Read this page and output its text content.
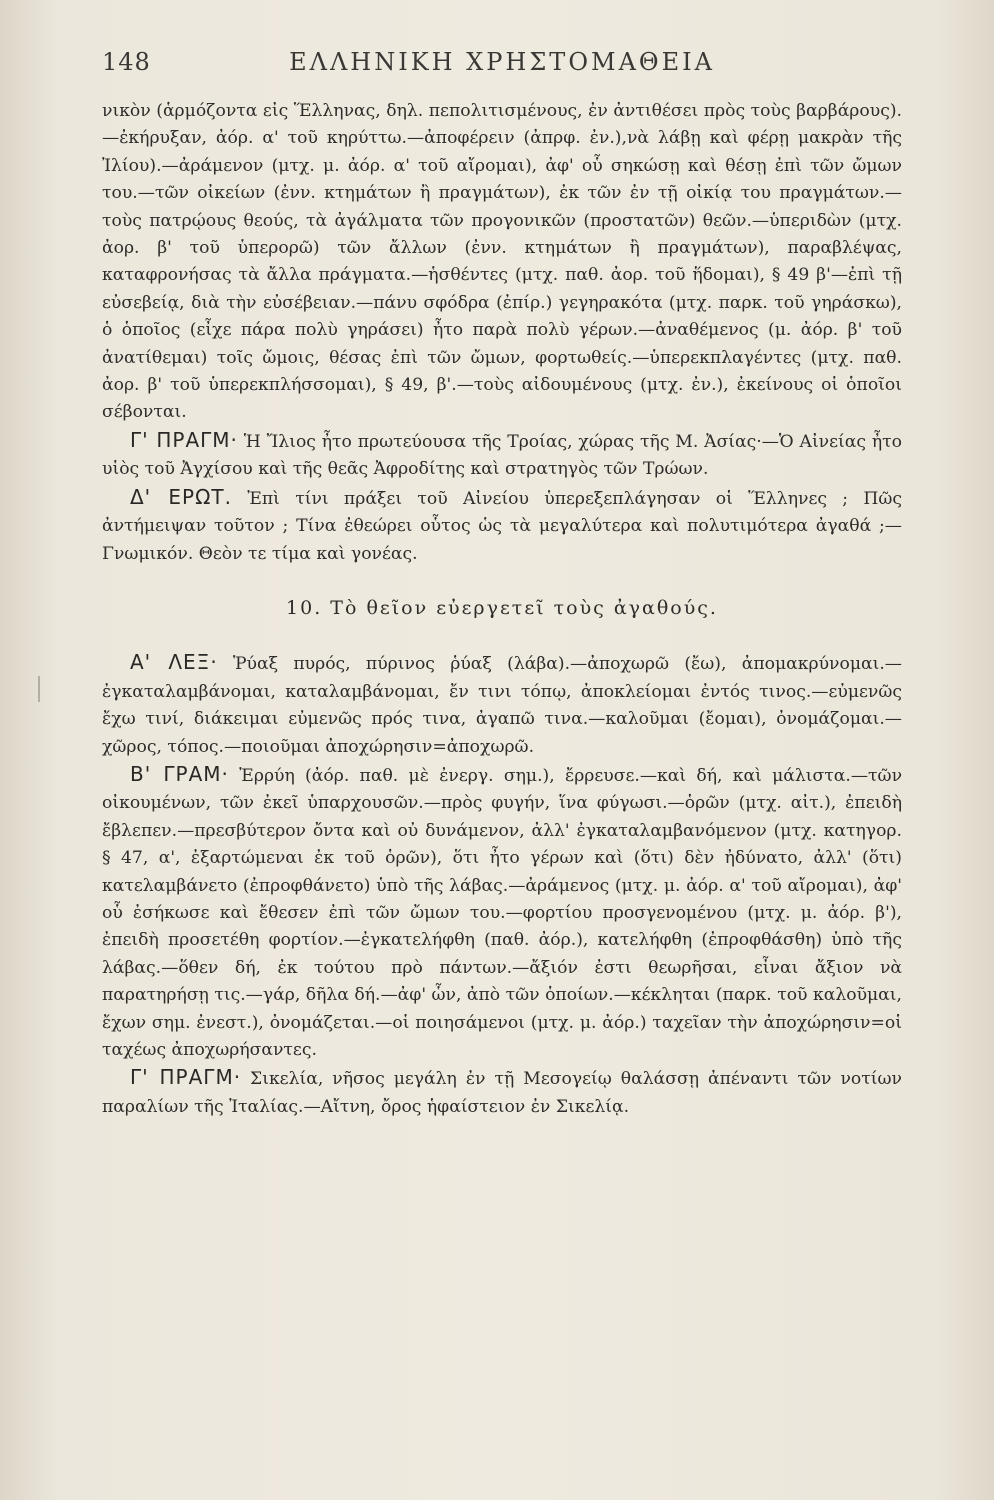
148	ΕΛΛΗΝΙΚΗ ΧΡΗΣΤΟΜΑΘΕΙΑ

νικὸν (ἁρμόζοντα εἰς Ἕλληνας, δηλ. πεπολιτισμένους, ἐν ἀντιθέσει πρὸς τοὺς βαρβάρους).—ἐκήρυξαν, ἀόρ. α' τοῦ κηρύττω.—ἀποφέρειν (ἀπρφ. ἐν.),νὰ λάβῃ καὶ φέρῃ μακρὰν τῆς Ἰλίου).—ἀράμενον (μτχ. μ. ἀόρ. α' τοῦ αἴρομαι), ἀφ' οὗ σηκώσῃ καὶ θέσῃ ἐπὶ τῶν ὤμων του.—τῶν οἰκείων (ἐνν. κτημάτων ἢ πραγμάτων), ἐκ τῶν ἐν τῇ οἰκίᾳ του πραγμάτων.—τοὺς πατρῴους θεούς, τὰ ἀγάλματα τῶν προγονικῶν (προστατῶν) θεῶν.—ὑπεριδὼν (μτχ. ἀορ. β' τοῦ ὑπερορῶ) τῶν ἄλλων (ἐνν. κτημάτων ἢ πραγμάτων), παραβλέψας, καταφρονήσας τὰ ἄλλα πράγματα.—ἡσθέντες (μτχ. παθ. ἀορ. τοῦ ἥδομαι), § 49 β'—ἐπὶ τῇ εὐσεβείᾳ, διὰ τὴν εὐσέβειαν.—πάνυ σφόδρα (ἐπίρ.) γεγηρακότα (μτχ. παρκ. τοῦ γηράσκω), ὁ ὁποῖος (εἶχε πάρα πολὺ γηράσει) ἦτο παρὰ πολὺ γέρων.—ἀναθέμενος (μ. ἀόρ. β' τοῦ ἀνατίθεμαι) τοῖς ὤμοις, θέσας ἐπὶ τῶν ὤμων, φορτωθείς.—ὑπερεκπλαγέντες (μτχ. παθ. ἀορ. β' τοῦ ὑπερεκπλήσσομαι), § 49, β'.—τοὺς αἰδουμένους (μτχ. ἐν.), ἐκείνους οἱ ὁποῖοι σέβονται.

Γ' ΠΡΑΓΜ· Ἡ Ἴλιος ἦτο πρωτεύουσα τῆς Τροίας, χώρας τῆς Μ. Ἀσίας·—Ὁ Αἰνείας ἦτο υἱὸς τοῦ Ἀγχίσου καὶ τῆς θεᾶς Ἀφροδίτης καὶ στρατηγὸς τῶν Τρώων.

Δ' ΕΡΩΤ. Ἐπὶ τίνι πράξει τοῦ Αἰνείου ὑπερεξεπλάγησαν οἱ Ἕλληνες ; Πῶς ἀντήμειψαν τοῦτον ; Τίνα ἐθεώρει οὗτος ὡς τὰ μεγαλύτερα καὶ πολυτιμότερα ἀγαθά ;—Γνωμικόν. Θεὸν τε τίμα καὶ γονέας.

10. Τὸ θεῖον εὐεργετεῖ τοὺς ἀγαθούς.

Α' ΛΕΞ· Ῥύαξ πυρός, πύρινος ῥύαξ (λάβα).—ἀποχωρῶ (ἔω), ἀπομακρύνομαι.—ἐγκαταλαμβάνομαι, καταλαμβάνομαι, ἔν τινι τόπῳ, ἀποκλείομαι ἐντός τινος.—εὐμενῶς ἔχω τινί, διάκειμαι εὐμενῶς πρός τινα, ἀγαπῶ τινα.—καλοῦμαι (ἔομαι), ὀνομάζομαι.—χῶρος, τόπος.—ποιοῦμαι ἀποχώρησιν=ἀποχωρῶ.

Β' ΓΡΑΜ· Ἐρρύη (ἀόρ. παθ. μὲ ἐνεργ. σημ.), ἔρρευσε.—καὶ δή, καὶ μάλιστα.—τῶν οἰκουμένων, τῶν ἐκεῖ ὑπαρχουσῶν.—πρὸς φυγήν, ἵνα φύγωσι.—ὁρῶν (μτχ. αἰτ.), ἐπειδὴ ἔβλεπεν.—πρεσβύτερον ὄντα καὶ οὐ δυνάμενον, ἀλλ' ἐγκαταλαμβανόμενον (μτχ. κατηγορ. § 47, α', ἐξαρτώμεναι ἐκ τοῦ ὁρῶν), ὅτι ἦτο γέρων καὶ (ὅτι) δὲν ἠδύνατο, ἀλλ' (ὅτι) κατελαμβάνετο (ἐπροφθάνετο) ὑπὸ τῆς λάβας.—ἀράμενος (μτχ. μ. ἀόρ. α' τοῦ αἴρομαι), ἀφ' οὗ ἐσήκωσε καὶ ἔθεσεν ἐπὶ τῶν ὤμων του.—φορτίου προσγενομένου (μτχ. μ. ἀόρ. β'), ἐπειδὴ προσετέθη φορτίον.—ἐγκατελήφθη (παθ. ἀόρ.), κατελήφθη (ἐπροφθάσθη) ὑπὸ τῆς λάβας.—ὅθεν δή, ἐκ τούτου πρὸ πάντων.—ἄξιόν ἐστι θεωρῆσαι, εἶναι ἄξιον νὰ παρατηρήσῃ τις.—γάρ, δῆλα δή.—ἀφ' ὧν, ἀπὸ τῶν ὁποίων.—κέκληται (παρκ. τοῦ καλοῦμαι, ἔχων σημ. ἐνεστ.), ὀνομάζεται.—οἱ ποιησάμενοι (μτχ. μ. ἀόρ.) ταχεῖαν τὴν ἀποχώρησιν=οἱ ταχέως ἀποχωρήσαντες.

Γ' ΠΡΑΓΜ· Σικελία, νῆσος μεγάλη ἐν τῇ Μεσογείῳ θαλάσσῃ ἀπέναντι τῶν νοτίων παραλίων τῆς Ἰταλίας.—Αἴτνη, ὄρος ἡφαίστειον ἐν Σικελίᾳ.
